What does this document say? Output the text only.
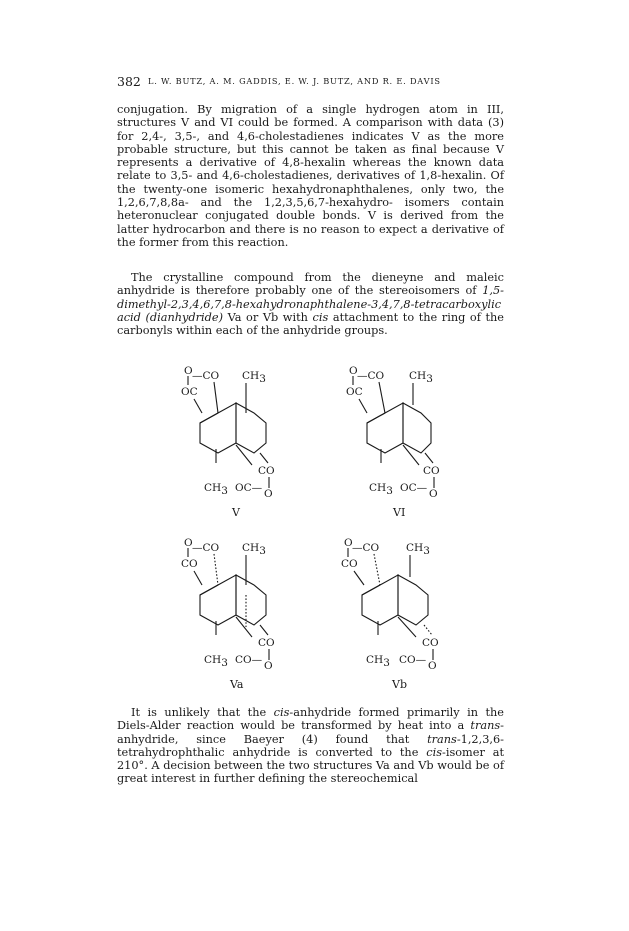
382 L. W. BUTZ, A. M. GADDIS, E. W. J. BUTZ, AND R. E. DAVIS

conjugation. By migration of a single hydrogen atom in III, structures V and VI could be formed. A comparison with data (3) for 2,4-, 3,5-, and 4,6-cholestadienes indicates V as the more probable structure, but this cannot be taken as final because V represents a derivative of 4,8-hexalin whereas the known data relate to 3,5- and 4,6-cholestadienes, derivatives of 1,8-hexalin. Of the twenty-one isomeric hexahydronaphthalenes, only two, the 1,2,6,7,8,8a- and the 1,2,3,5,6,7-hexahydro- isomers contain heteronuclear conjugated double bonds. V is derived from the latter hydrocarbon and there is no reason to expect a derivative of the former from this reaction.

The crystalline compound from the dieneyne and maleic anhydride is therefore probably one of the stereoisomers of 1,5-dimethyl-2,3,4,6,7,8-hexahydronaphthalene-3,4,7,8-tetracarboxylic acid (dianhydride) Va or Vb with cis attachment to the ring of the carbonyls within each of the anhydride groups.

O —CO
OC
CH3
CO
CH3 OC— O
V
O —CO
OC
CH3
CO
CH3 OC— O
VI
O —CO
CO
CH3
CO
CH3 CO— O
Va
O —CO
CO
CH3
CO
CH3 CO— O
Vb

It is unlikely that the cis-anhydride formed primarily in the Diels-Alder reaction would be transformed by heat into a trans-anhydride, since Baeyer (4) found that trans-1,2,3,6-tetrahydrophthalic anhydride is converted to the cis-isomer at 210°. A decision between the two structures Va and Vb would be of great interest in further defining the stereochemical
